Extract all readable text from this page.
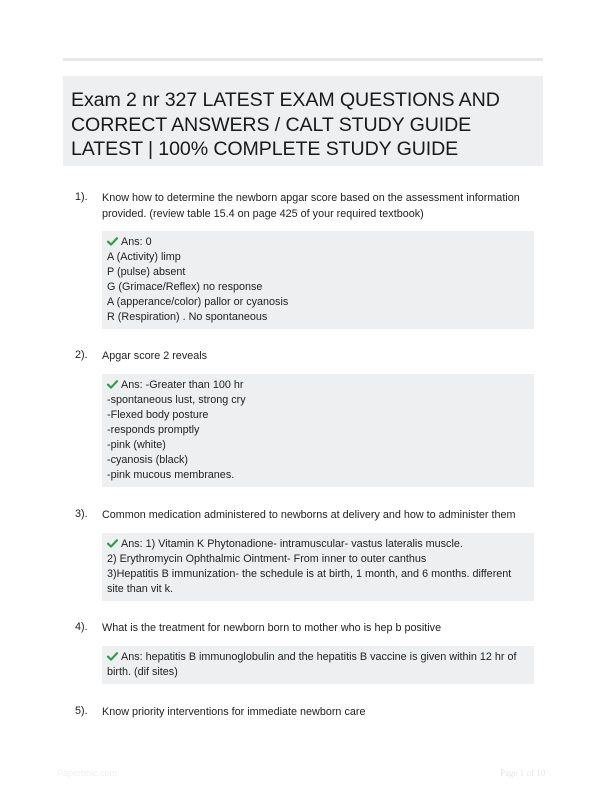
Exam 2 nr 327 LATEST EXAM QUESTIONS AND CORRECT ANSWERS / CALT STUDY GUIDE LATEST | 100% COMPLETE STUDY GUIDE
1). Know how to determine the newborn apgar score based on the assessment information provided. (review table 15.4 on page 425 of your required textbook)
Ans: 0
A (Activity) limp
P (pulse) absent
G (Grimace/Reflex) no response
A (apperance/color) pallor or cyanosis
R (Respiration) . No spontaneous
2). Apgar score 2 reveals
Ans: -Greater than 100 hr
-spontaneous lust, strong cry
-Flexed body posture
-responds promptly
-pink (white)
-cyanosis (black)
-pink mucous membranes.
3). Common medication administered to newborns at delivery and how to administer them
Ans: 1) Vitamin K Phytonadione- intramuscular- vastus lateralis muscle.
2) Erythromycin Ophthalmic Ointment- From inner to outer canthus
3)Hepatitis B immunization- the schedule is at birth, 1 month, and 6 months. different site than vit k.
4). What is the treatment for newborn born to mother who is hep b positive
Ans: hepatitis B immunoglobulin and the hepatitis B vaccine is given within 12 hr of birth. (dif sites)
5). Know priority interventions for immediate newborn care
Paperbhic.com	Page 1 of 10
